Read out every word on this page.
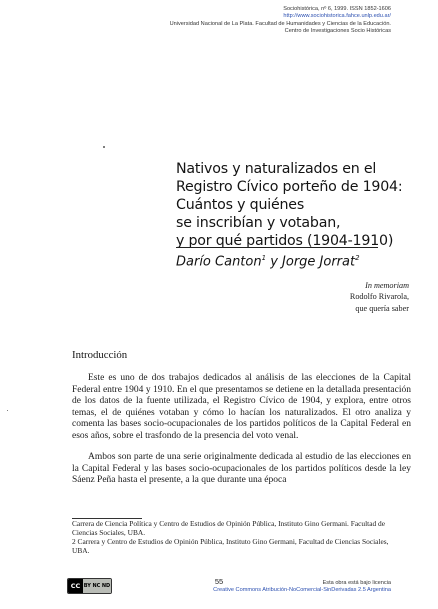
Sociohistórica, nº 6, 1999. ISSN 1852-1606
http://www.sociohistorica.fahce.unlp.edu.ar/
Universidad Nacional de La Plata. Facultad de Humanidades y Ciencias de la Educación.
Centro de Investigaciones Socio Históricas
Nativos y naturalizados en el
Registro Cívico porteño de 1904:
Cuántos y quiénes
se inscribían y votaban,
y por qué partidos (1904-1910)
Darío Canton$^1$ y Jorge Jorrat$^2$
In memoriam
Rodolfo Rivarola,
que quería saber
Introducción

Este es uno de dos trabajos dedicados al análisis de las elecciones de la Capital Federal entre 1904 y 1910. En el que presentamos se detiene en la detallada presentación de los datos de la fuente utilizada, el Registro Cívico de 1904, y explora, entre otros temas, el de quiénes votaban y cómo lo hacían los naturalizados. El otro analiza y comenta las bases socio-ocupacionales de los partidos políticos de la Capital Federal en esos años, sobre el trasfondo de la presencia del voto venal.

Ambos son parte de una serie originalmente dedicada al estudio de las elecciones en la Capital Federal y las bases socio-ocupacionales de los partidos políticos desde la ley Sáenz Peña hasta el presente, a la que durante una época

Carrera de Ciencia Política y Centro de Estudios de Opinión Pública, Instituto Gino Germani. Facultad de Ciencias Sociales, UBA.

2 Carrera y Centro de Estudios de Opinión Pública, Instituto Gino Germani, Facultad de Ciencias Sociales, UBA.

CC BY NC ND	55	Esta obra está bajo licencia
Creative Commons Atribución-NoComercial-SinDerivadas 2.5 Argentina
